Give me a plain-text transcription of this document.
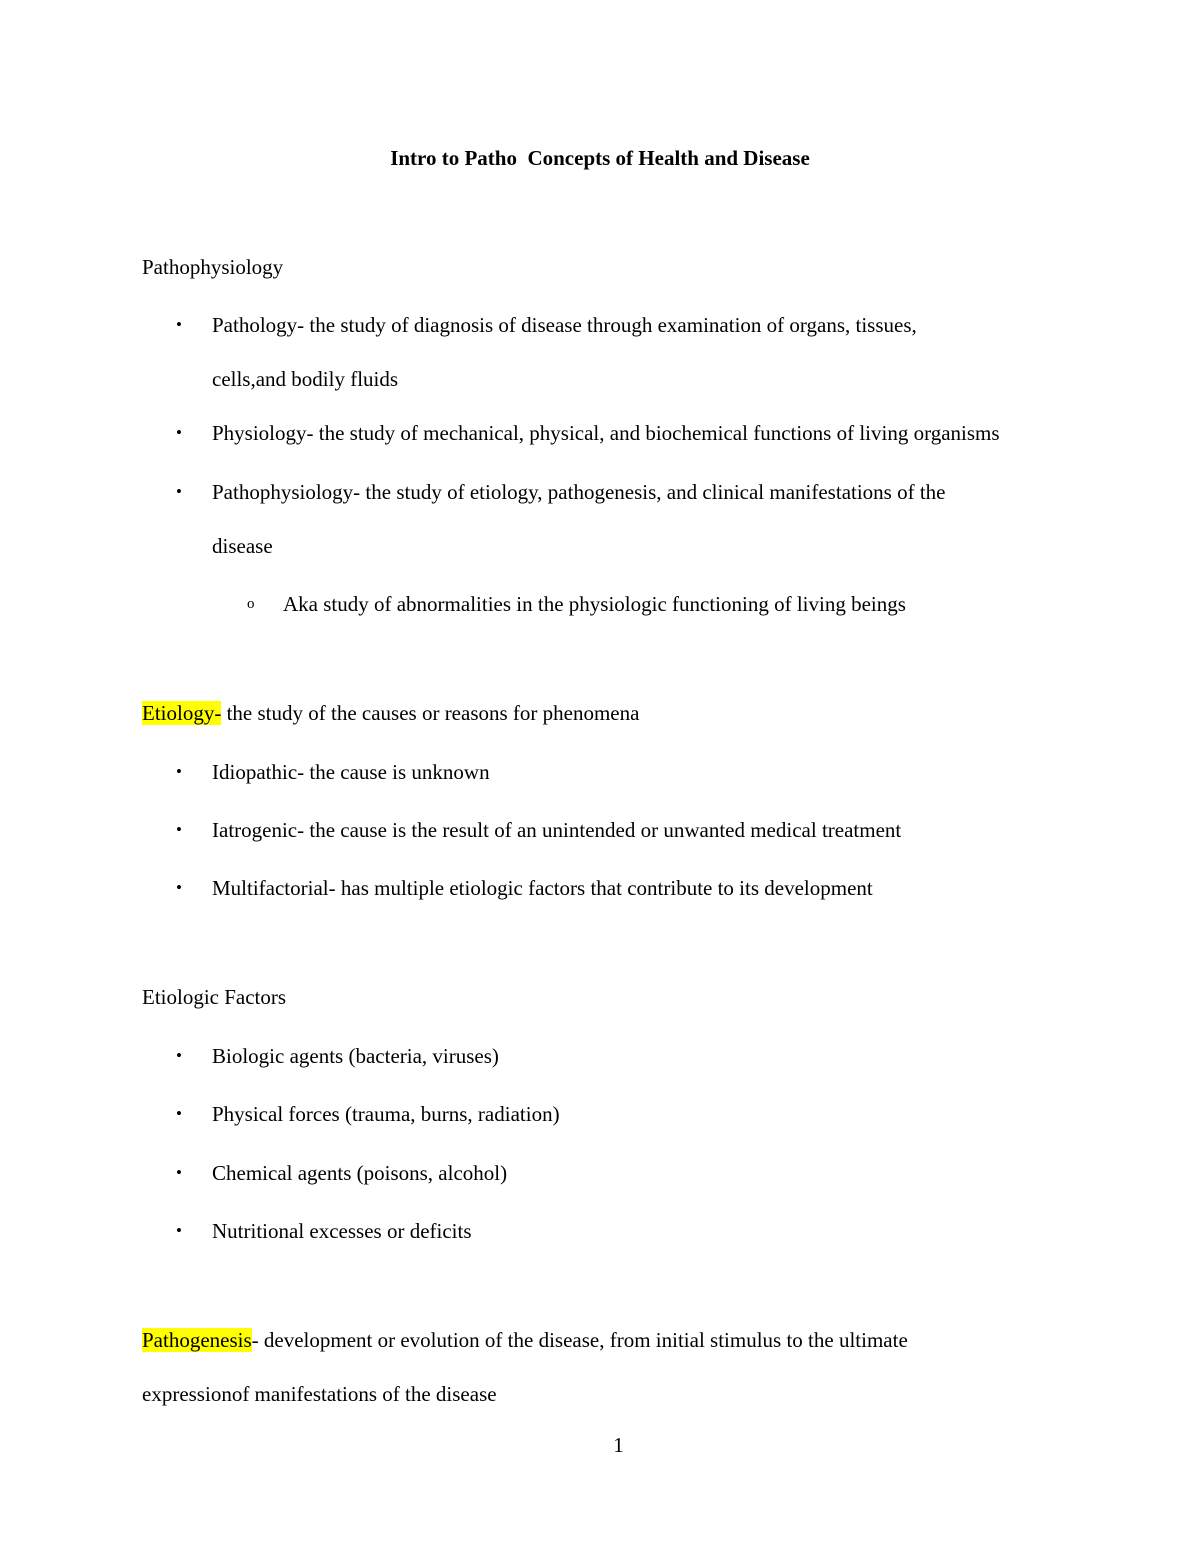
Intro to Patho  Concepts of Health and Disease
Pathophysiology
• Pathology- the study of diagnosis of disease through examination of organs, tissues,
cells,and bodily fluids
• Physiology- the study of mechanical, physical, and biochemical functions of living organisms
• Pathophysiology- the study of etiology, pathogenesis, and clinical manifestations of the
disease
o Aka study of abnormalities in the physiologic functioning of living beings
Etiology- the study of the causes or reasons for phenomena
• Idiopathic- the cause is unknown
• Iatrogenic- the cause is the result of an unintended or unwanted medical treatment
• Multifactorial- has multiple etiologic factors that contribute to its development
Etiologic Factors
• Biologic agents (bacteria, viruses)
• Physical forces (trauma, burns, radiation)
• Chemical agents (poisons, alcohol)
• Nutritional excesses or deficits
Pathogenesis- development or evolution of the disease, from initial stimulus to the ultimate
expressionof manifestations of the disease
1
